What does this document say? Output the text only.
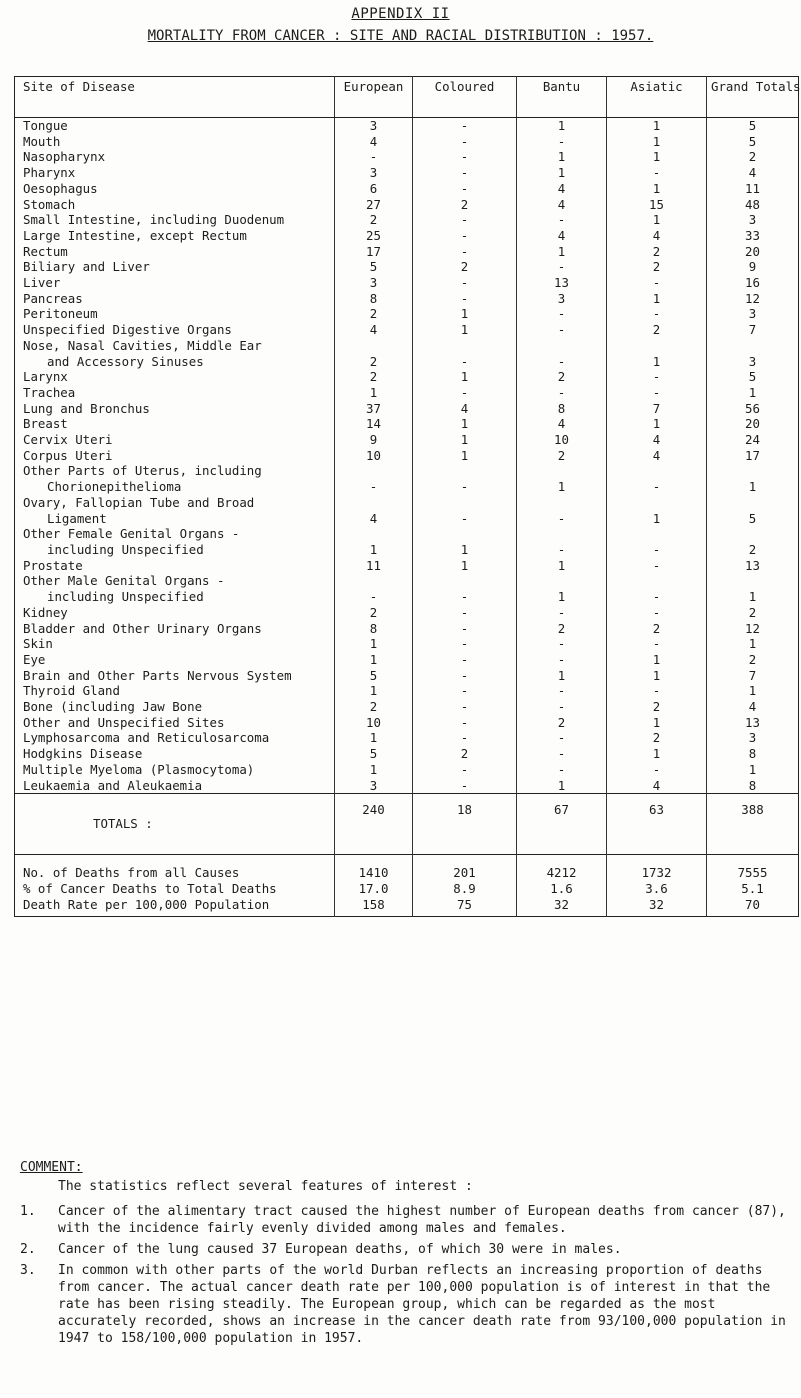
APPENDIX II
MORTALITY FROM CANCER : SITE AND RACIAL DISTRIBUTION : 1957.
Site of Disease	European	Coloured	Bantu	Asiatic	Grand Totals
Tongue	3	-	1	1	5
Mouth	4	-	-	1	5
Nasopharynx	-	-	1	1	2
Pharynx	3	-	1	-	4
Oesophagus	6	-	4	1	11
Stomach	27	2	4	15	48
Small Intestine, including Duodenum	2	-	-	1	3
Large Intestine, except Rectum	25	-	4	4	33
Rectum	17	-	1	2	20
Biliary and Liver	5	2	-	2	9
Liver	3	-	13	-	16
Pancreas	8	-	3	1	12
Peritoneum	2	1	-	-	3
Unspecified Digestive Organs	4	1	-	2	7
Nose, Nasal Cavities, Middle Ear					
and Accessory Sinuses	2	-	-	1	3
Larynx	2	1	2	-	5
Trachea	1	-	-	-	1
Lung and Bronchus	37	4	8	7	56
Breast	14	1	4	1	20
Cervix Uteri	9	1	10	4	24
Corpus Uteri	10	1	2	4	17
Other Parts of Uterus, including					
Chorionepithelioma	-	-	1	-	1
Ovary, Fallopian Tube and Broad					
Ligament	4	-	-	1	5
Other Female Genital Organs -					
including Unspecified	1	1	-	-	2
Prostate	11	1	1	-	13
Other Male Genital Organs -					
including Unspecified	-	-	1	-	1
Kidney	2	-	-	-	2
Bladder and Other Urinary Organs	8	-	2	2	12
Skin	1	-	-	-	1
Eye	1	-	-	1	2
Brain and Other Parts Nervous System	5	-	1	1	7
Thyroid Gland	1	-	-	-	1
Bone (including Jaw Bone	2	-	-	2	4
Other and Unspecified Sites	10	-	2	1	13
Lymphosarcoma and Reticulosarcoma	1	-	-	2	3
Hodgkins Disease	5	2	-	1	8
Multiple Myeloma (Plasmocytoma)	1	-	-	-	1
Leukaemia and Aleukaemia	3	-	1	4	8
TOTALS :	240	18	67	63	388
No. of Deaths from all Causes	1410	201	4212	1732	7555
% of Cancer Deaths to Total Deaths	17.0	8.9	1.6	3.6	5.1
Death Rate per 100,000 Population	158	75	32	32	70
COMMENT:
The statistics reflect several features of interest :
1.	Cancer of the alimentary tract caused the highest number of European deaths from cancer (87), with the incidence fairly evenly divided among males and females.
2.	Cancer of the lung caused 37 European deaths, of which 30 were in males.
3.	In common with other parts of the world Durban reflects an increasing proportion of deaths from cancer. The actual cancer death rate per 100,000 population is of interest in that the rate has been rising steadily. The European group, which can be regarded as the most accurately recorded, shows an increase in the cancer death rate from 93/100,000 population in 1947 to 158/100,000 population in 1957.
